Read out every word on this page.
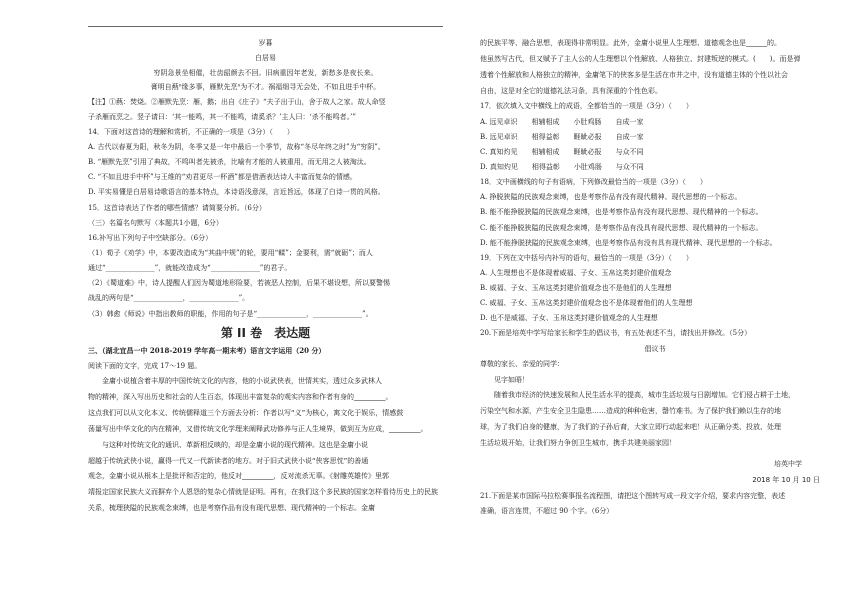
岁暮

白居易

穷阴急景坐相催，壮齿韶颜去不回。旧病重因年老发，新愁多是夜长来。

膏明自爇⁰缘多事，雁默先烹⁰为不才。祸福细寻无会处，不如且进手中杯。

【注】①爇：焚烧。②雁默先烹：雁，鹅；出自《庄子》“夫子出于山，舍于故人之家。故人命竖

子杀雁而烹之。竖子请曰：‘其一能鸣，其一不能鸣，请奚杀？’主人曰：‘杀不能鸣者。’”

14．下面对这首诗的理解和赏析，不正确的一项是（3分）（　　）

A. 古代以春夏为阳，秋冬为阴，冬季又是一年中最后一个季节，故称“冬尽年终之时”为“穷阴”。

B. “雁默先烹”引用了典故，不鸣叫者先被杀，比喻有才能的人被重用，而无用之人被淘汰。

C. “不如且进手中杯”与王维的“劝君更尽一杯酒”都是借酒表达诗人丰富而复杂的情感。

D. 平实易懂是白居易诗歌语言的基本特点，本诗语浅意深，言近旨远，体现了白诗一贯的风格。

15．这首诗表达了作者的哪些情感？请简要分析。（6分）

（三）名篇名句默写（本题共1小题，6分）

16.补写出下列句子中空缺部分。（6分）

（1）荀子《劝学》中，本要改造成为“其曲中规”的轮，要用“輮”；金要利，需“就砺”；而人

通过“______________”，就能改造成为“______________”的君子。

（2）《蜀道难》中，诗人提醒人们因为蜀道地形险要，若被恶人控制，后果不堪设想，所以要警惕

战乱的两句是“______________，______________”。

（3）韩愈《师说》中指出教师的职能，作用的句子是“______________，______________”。

第 II 卷　表达题

三、（湖北宜昌一中 2018-2019 学年高一期末考）语言文字运用（20 分）

阅读下面的文字，完成 17～19 题。

金庸小说植含着丰厚的中国传统文化的内容，他的小说武侠表，世情其实，透过众多武林人

物的精神，深入写出历史和社会的人生百态，体现出丰富复杂的观实内容和作者有身的_________。

这点我们可以从文化本义、传统儒释道三个方面去分析：作者以写“义”为核心，寓文化于娱乐，情感鼓

荡量写出中华文化的内在精神，又借传统文化学理来阐释武功修养与正人生境界，做到互为应成，_________。

与这种对传统文化的通识、革新相反映的，却是金庸小说的现代精神。这也是金庸小说

超越于传统武侠小说，赢得一代又一代新读者的地方。对于旧式武侠小说“侠客思忱”的善通

观念，金庸小说从根本上是批评和否定的，他反对_________，反对流杀无辜。《射雕英雄传》里郭

靖报定国家民族大义而摒弃个人恩怨的复杂心情就是证明。再有，在我们这个多民族的国家怎样看待历史上的民族

关系，梳理狭隘的民族观念束缚，也是考察作品有没有现代思想、现代精神的一个标志。金庸

的民族平等、融合思想，表现得非常明显。此外，金庸小说里人生理想、道德观念也是______的。

他虽然写古代，但又赋予了主人公的人生理想以个性解放、人格独立、封建叛逆的模式。(　　)。而是弹

透着个性解放和人格独立的精神，金庸笔下的侠客多是生活在市井之中，没有道德主体的个性以社会

自由，这是对全它的道德礼法习条，具有深重的个性色彩。

17．依次填入文中横线上的成语，全都恰当的一项是（3分）（　　）

A. 远见卓识　　相辅相成　　小肚鸡肠　　自成一家

B. 远见卓识　　相得益彰　　睚眦必报　　自成一家

C. 真知灼见　　相辅相成　　睚眦必报　　与众不同

D. 真知灼见　　相得益彰　　小肚鸡肠　　与众不同

18．文中画横线的句子有语病，下列修改最恰当的一项是（3分）（　　）

A. 挣脱狭隘的民族观念束缚，也是考察作品有没有现代精神、现代思想的一个标志。

B. 能不能挣脱狭隘的民族观念束缚，也是考察作品有没有现代思想、现代精神的一个标志。

C. 能不能挣脱狭隘的民族观念束缚，是考察作品有没具有现代思想、现代精神的一个标志。

D. 能不能挣脱狭隘的民族观念束缚，也是考察作品有没有具有现代精神、现代思想的一个标志。

19．下列在文中括号内补写的语句，最恰当的一项是（3分）（　　）

A. 人生理想也不是体现着威福、子女、玉帛这类封建价值观念

B. 威福、子女、玉帛这类封建价值观念也不是他们的人生理想

C. 威福、子女、玉帛这类封建价值观念也不是体现着他们的人生理想

D. 也不是威福、子女、玉帛这类封建价值观念的人生理想

20.下面是培英中学写给家长和学生的倡议书，有五处表述不当，请找出并修改。（5分）

倡议书

尊敬的家长、亲爱的同学：

见字如晤！

随着我市经济的快速发展和人民生活水平的提高，城市生活垃圾与日剧增加。它们侵占耕于土地，

污染空气和水源，产生安全卫生隐患……造成的种种危害，罄竹难书。为了保护我们赖以生存的地

球，为了我们自身的健康，为了我们的子孙后裔，大家立即行动起来吧！从正确分类、投放、处理

生活垃圾开始，让我们努力争创卫生城市，携手共建美丽家园！

培英中学

2018 年 10 月 10 日

21.下面是某市国际马拉松赛事报名流程图，请把这个图转写成一段文字介绍，要求内容完整，表述

准确，语言连贯，不超过 90 个字。（6分）
